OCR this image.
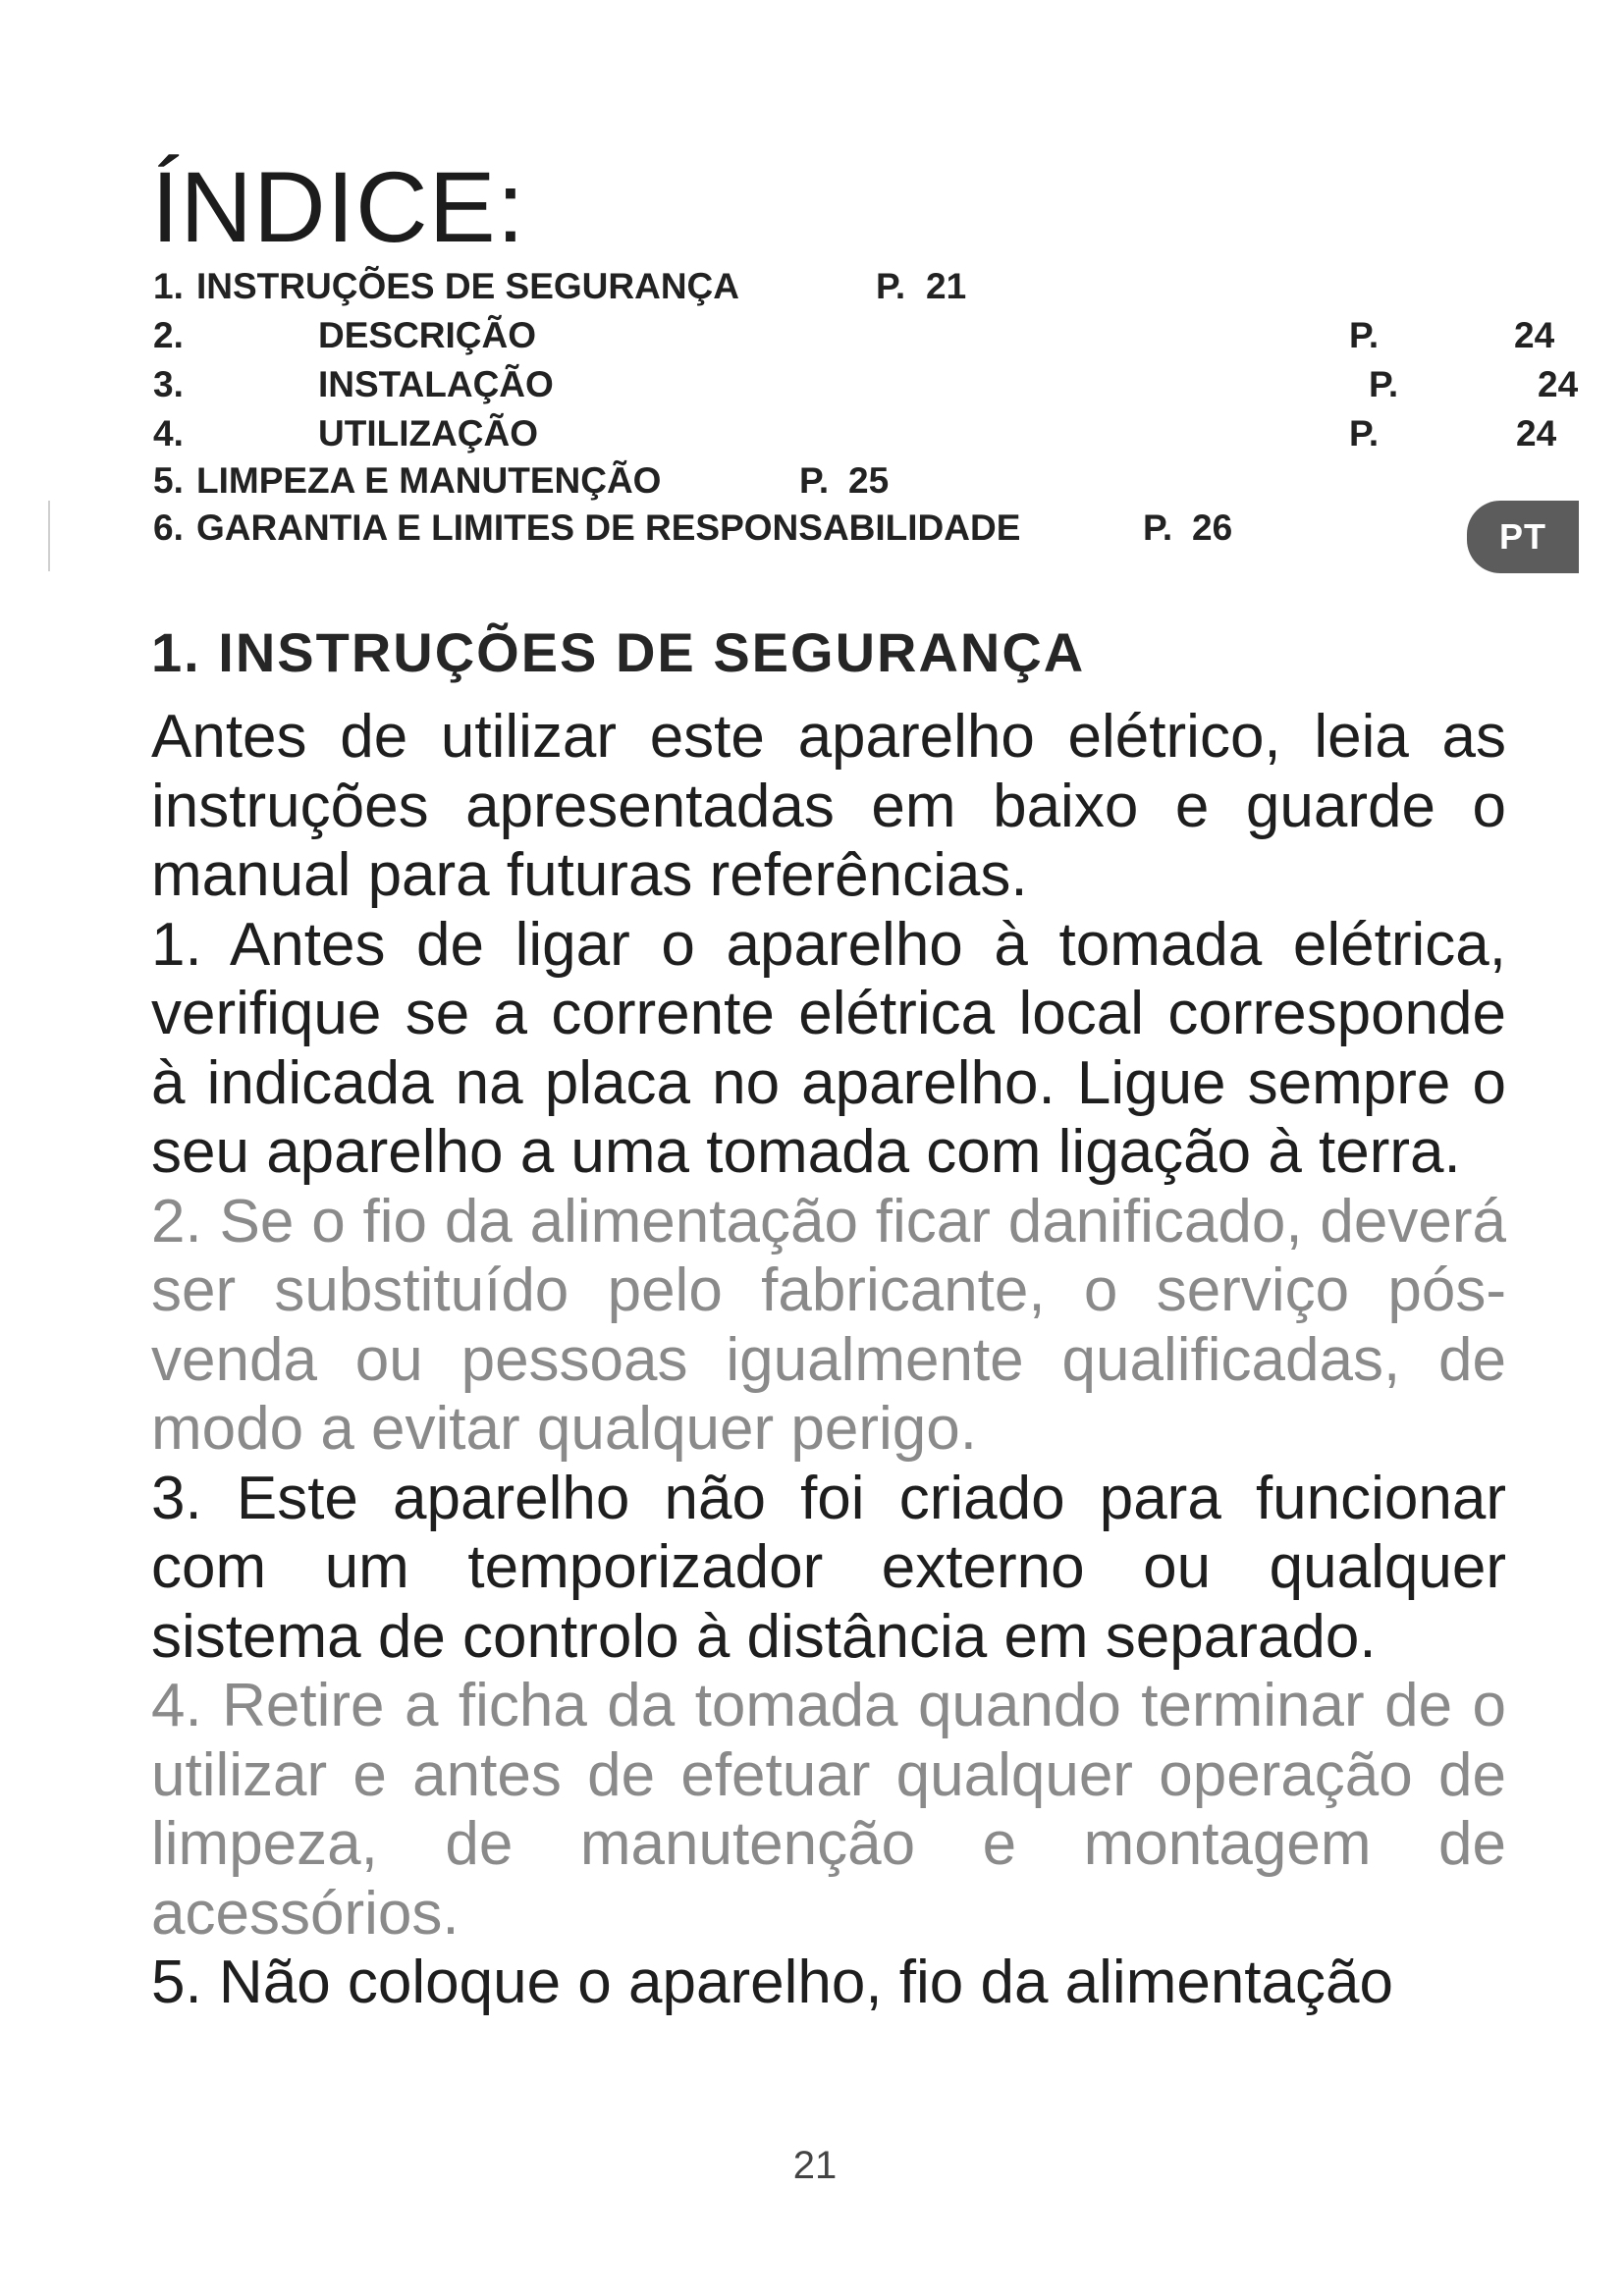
ÍNDICE:
1. INSTRUÇÕES DE SEGURANÇA	P. 21
2.	DESCRIÇÃO	P.	24
3.	INSTALAÇÃO	P.	24
4.	UTILIZAÇÃO	P.	24
5. LIMPEZA E MANUTENÇÃO	P. 25
6. GARANTIA E LIMITES DE RESPONSABILIDADE	P. 26	PT
1. INSTRUÇÕES DE SEGURANÇA

Antes de utilizar este aparelho elétrico, leia as instruções apresentadas em baixo e guarde o manual para futuras referências.

1. Antes de ligar o aparelho à tomada elétrica, verifique se a corrente elétrica local corresponde à indicada na placa no aparelho. Ligue sempre o seu aparelho a uma tomada com ligação à terra.

2. Se o fio da alimentação ficar danificado, deverá ser substituído pelo fabricante, o serviço pós-venda ou pessoas igualmente qualificadas, de modo a evitar qualquer perigo.

3. Este aparelho não foi criado para funcionar com um temporizador externo ou qualquer sistema de controlo à distância em separado.

4. Retire a ficha da tomada quando terminar de o utilizar e antes de efetuar qualquer operação de limpeza, de manutenção e montagem de acessórios.

5. Não coloque o aparelho, fio da alimentação

21
